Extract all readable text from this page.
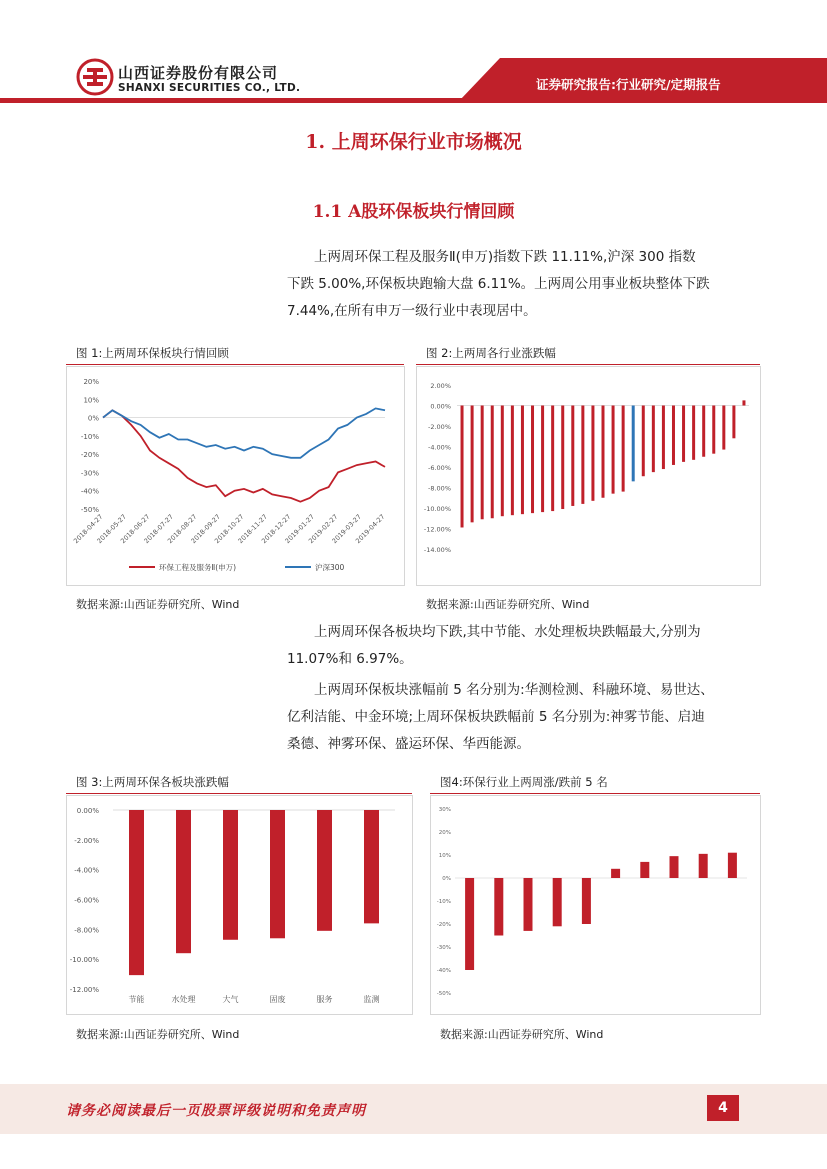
山西证券股份有限公司
SHANXI SECURITIES CO., LTD.	证券研究报告:行业研究/定期报告
1. 上周环保行业市场概况
1.1 A股环保板块行情回顾
上两周环保工程及服务Ⅱ(申万)指数下跌 11.11%,沪深 300 指数
下跌 5.00%,环保板块跑输大盘 6.11%。上两周公用事业板块整体下跌
7.44%,在所有申万一级行业中表现居中。
图 1:上两周环保板块行情回顾
20%
10%
0%
-10%
-20%
-30%
-40%
-50%
2018-04-27
2018-05-27
2018-06-27
2018-07-27
2018-08-27
2018-09-27
2018-10-27
2018-11-27
2018-12-27
2019-01-27
2019-02-27
2019-03-27
2019-04-27
环保工程及服务Ⅱ(申万)	沪深300
数据来源:山西证券研究所、Wind
图 2:上两周各行业涨跌幅
2.00%
0.00%
-2.00%
-4.00%
-6.00%
-8.00%
-10.00%
-12.00%
-14.00%
数据来源:山西证券研究所、Wind
上两周环保各板块均下跌,其中节能、水处理板块跌幅最大,分别为
11.07%和 6.97%。
上两周环保板块涨幅前 5 名分别为:华测检测、科融环境、易世达、
亿利洁能、中金环境;上周环保板块跌幅前 5 名分别为:神雾节能、启迪
桑德、神雾环保、盛运环保、华西能源。
图 3:上两周环保各板块涨跌幅
0.00%
-2.00%
-4.00%
-6.00%
-8.00%
-10.00%
-12.00%
节能	水处理	大气	固废	服务	监测
数据来源:山西证券研究所、Wind
图4:环保行业上两周涨/跌前 5 名
30%
20%
10%
0%
-10%
-20%
-30%
-40%
-50%
数据来源:山西证券研究所、Wind
请务必阅读最后一页股票评级说明和免责声明	4
